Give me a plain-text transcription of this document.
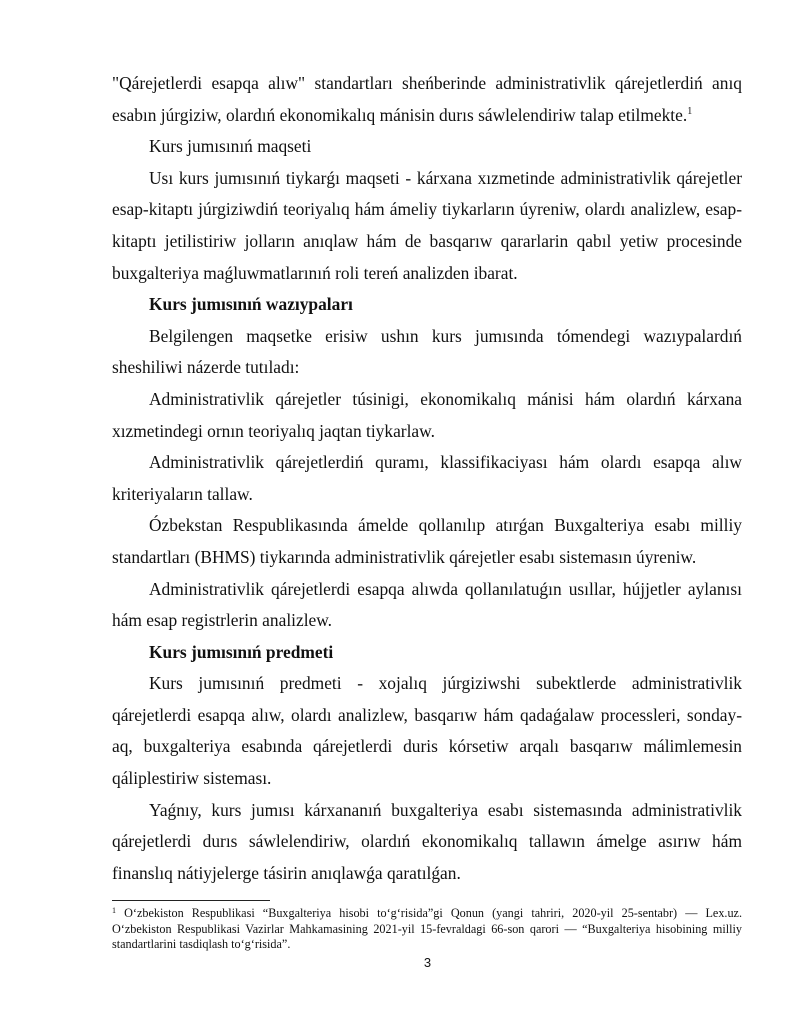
"Qárejetlerdi esapqa alıw" standartları sheńberinde administrativlik qárejetlerdiń anıq esabın júrgiziw, olardıń ekonomikalıq mánisin durıs sáwlelendiriw talap etilmekte.$^1$

Kurs jumısınıń maqseti

Usı kurs jumısınıń tiykarǵı maqseti - kárxana xızmetinde administrativlik qárejetler esap-kitaptı júrgiziwdiń teoriyalıq hám ámeliy tiykarların úyreniw, olardı analizlew, esap-kitaptı jetilistiriw jolların anıqlaw hám de basqarıw qararlarin qabıl yetiw procesinde buxgalteriya maǵluwmatlarınıń roli tereń analizden ibarat.

Kurs jumısınıń wazıypaları

Belgilengen maqsetke erisiw ushın kurs jumısında tómendegi wazıypalardıń sheshiliwi názerde tutıladı:

Administrativlik qárejetler túsinigi, ekonomikalıq mánisi hám olardıń kárxana xızmetindegi ornın teoriyalıq jaqtan tiykarlaw.

Administrativlik qárejetlerdiń quramı, klassifikaciyası hám olardı esapqa alıw kriteriyaların tallaw.

Ózbekstan Respublikasında ámelde qollanılıp atırǵan Buxgalteriya esabı milliy standartları (BHMS) tiykarında administrativlik qárejetler esabı sistemasın úyreniw.

Administrativlik qárejetlerdi esapqa alıwda qollanılatuǵın usıllar, hújjetler aylanısı hám esap registrlerin analizlew.

Kurs jumısınıń predmeti

Kurs jumısınıń predmeti - xojalıq júrgiziwshi subektlerde administrativlik qárejetlerdi esapqa alıw, olardı analizlew, basqarıw hám qadaǵalaw processleri, sonday-aq, buxgalteriya esabında qárejetlerdi duris kórsetiw arqalı basqarıw málimlemesin qáliplestiriw sisteması.

Yaǵnıy, kurs jumısı kárxananıń buxgalteriya esabı sistemasında administrativlik qárejetlerdi durıs sáwlelendiriw, olardıń ekonomikalıq tallawın ámelge asırıw hám finanslıq nátiyjelerge tásirin anıqlawǵa qaratılǵan.

$^1$ O‘zbekiston Respublikasi “Buxgalteriya hisobi to‘g‘risida”gi Qonun (yangi tahriri, 2020-yil 25-sentabr) — Lex.uz. O‘zbekiston Respublikasi Vazirlar Mahkamasining 2021-yil 15-fevraldagi 66-son qarori — “Buxgalteriya hisobining milliy standartlarini tasdiqlash to‘g‘risida”.
3
